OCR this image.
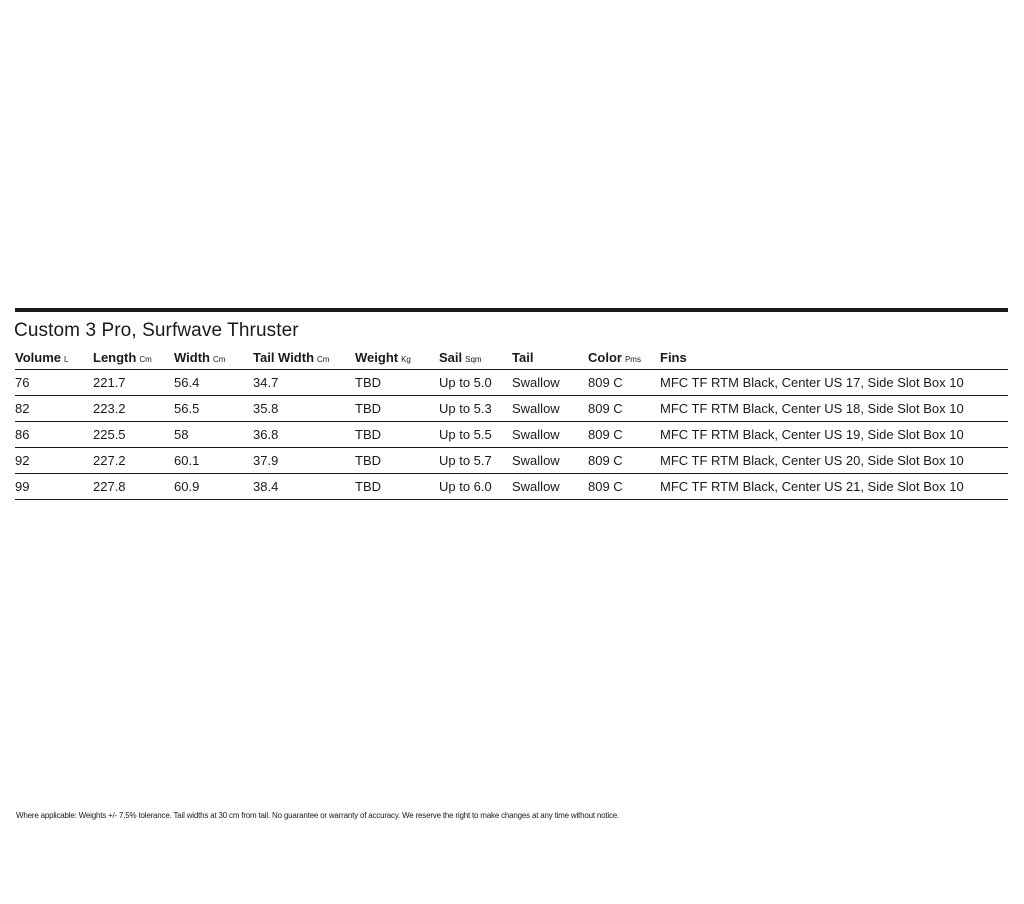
Custom 3 Pro, Surfwave Thruster
Volume L	Length Cm	Width Cm	Tail Width Cm	Weight Kg	Sail Sqm	Tail	Color Pms	Fins
76	221.7	56.4	34.7	TBD	Up to 5.0	Swallow	809 C	MFC TF RTM Black, Center US 17, Side Slot Box 10
82	223.2	56.5	35.8	TBD	Up to 5.3	Swallow	809 C	MFC TF RTM Black, Center US 18, Side Slot Box 10
86	225.5	58	36.8	TBD	Up to 5.5	Swallow	809 C	MFC TF RTM Black, Center US 19, Side Slot Box 10
92	227.2	60.1	37.9	TBD	Up to 5.7	Swallow	809 C	MFC TF RTM Black, Center US 20, Side Slot Box 10
99	227.8	60.9	38.4	TBD	Up to 6.0	Swallow	809 C	MFC TF RTM Black, Center US 21, Side Slot Box 10
Where applicable: Weights +/- 7.5% tolerance. Tail widths at 30 cm from tail. No guarantee or warranty of accuracy. We reserve the right to make changes at any time without notice.
